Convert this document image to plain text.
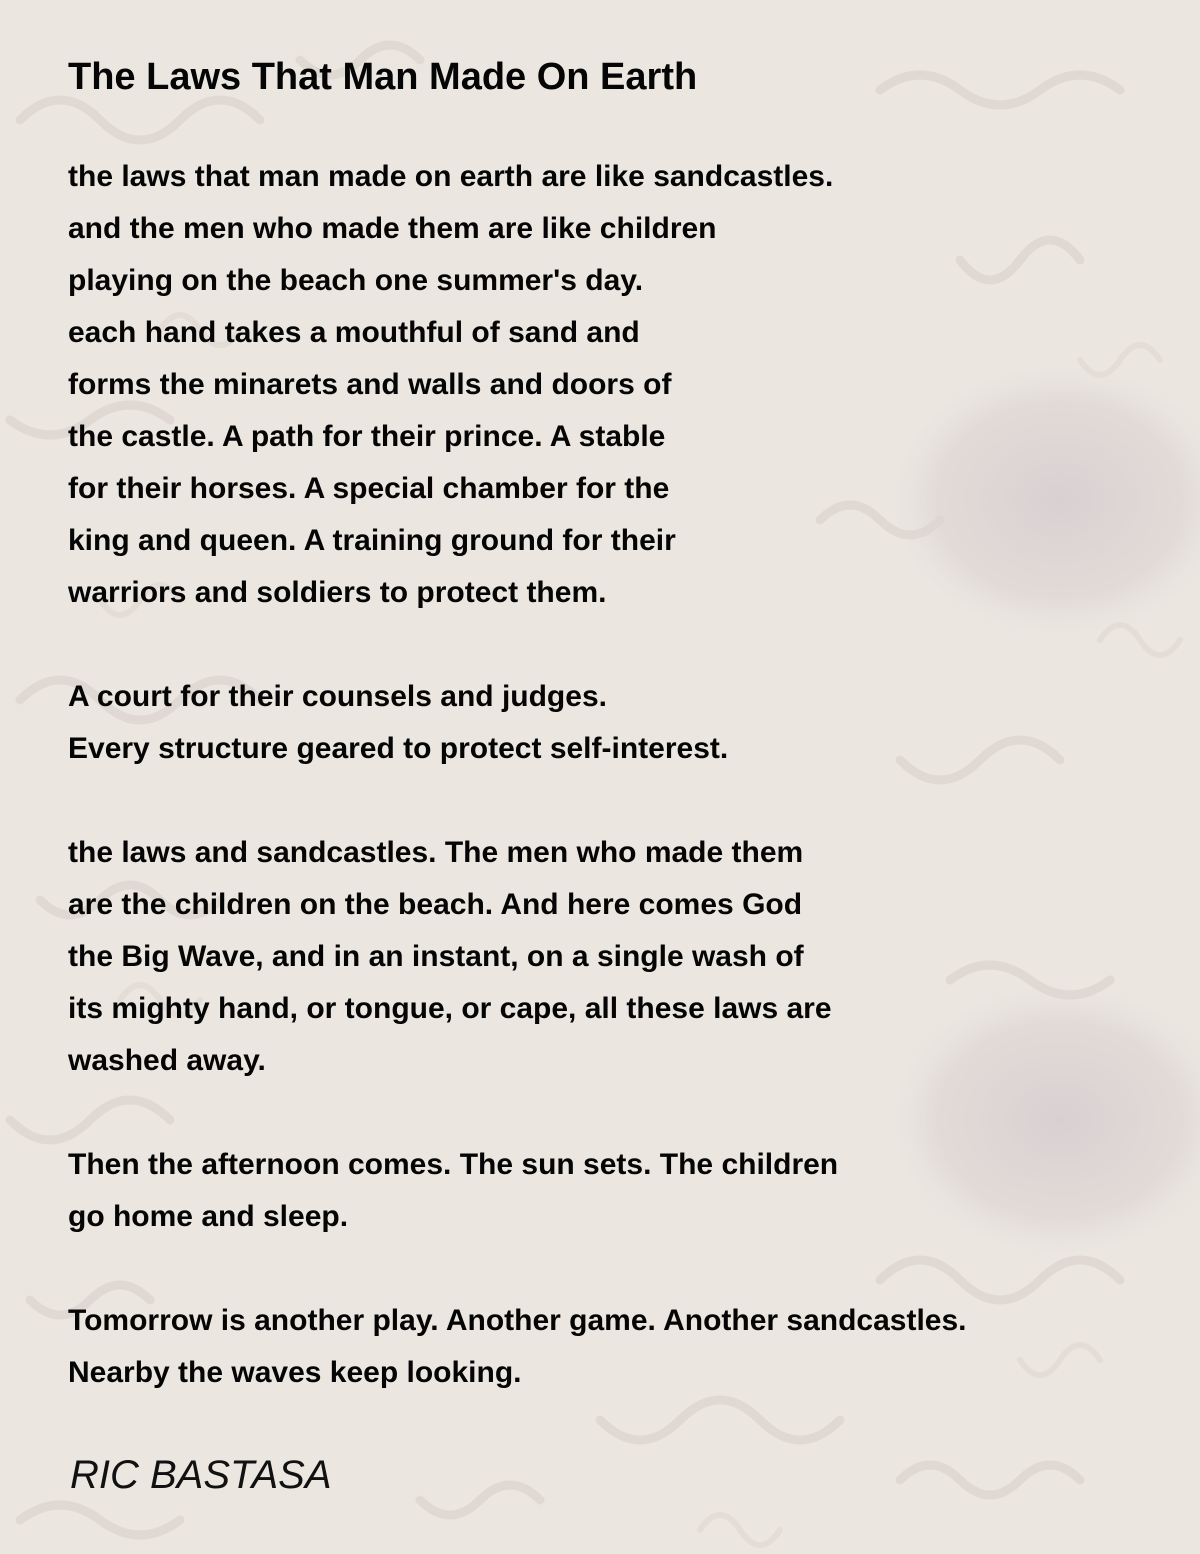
The Laws That Man Made On Earth
the laws that man made on earth are like sandcastles.
and the men who made them are like children
playing on the beach one summer's day.
each hand takes a mouthful of sand and
forms the minarets and walls and doors of
the castle. A path for their prince. A stable
for their horses. A special chamber for the
king and queen. A training ground for their
warriors and soldiers to protect them.
A court for their counsels and judges.
Every structure geared to protect self-interest.
the laws and sandcastles. The men who made them
are the children on the beach. And here comes God
the Big Wave, and in an instant, on a single wash of
its mighty hand, or tongue, or cape, all these laws are
washed away.
Then the afternoon comes. The sun sets. The children
go home and sleep.
Tomorrow is another play. Another game. Another sandcastles.
Nearby the waves keep looking.

RIC BASTASA
